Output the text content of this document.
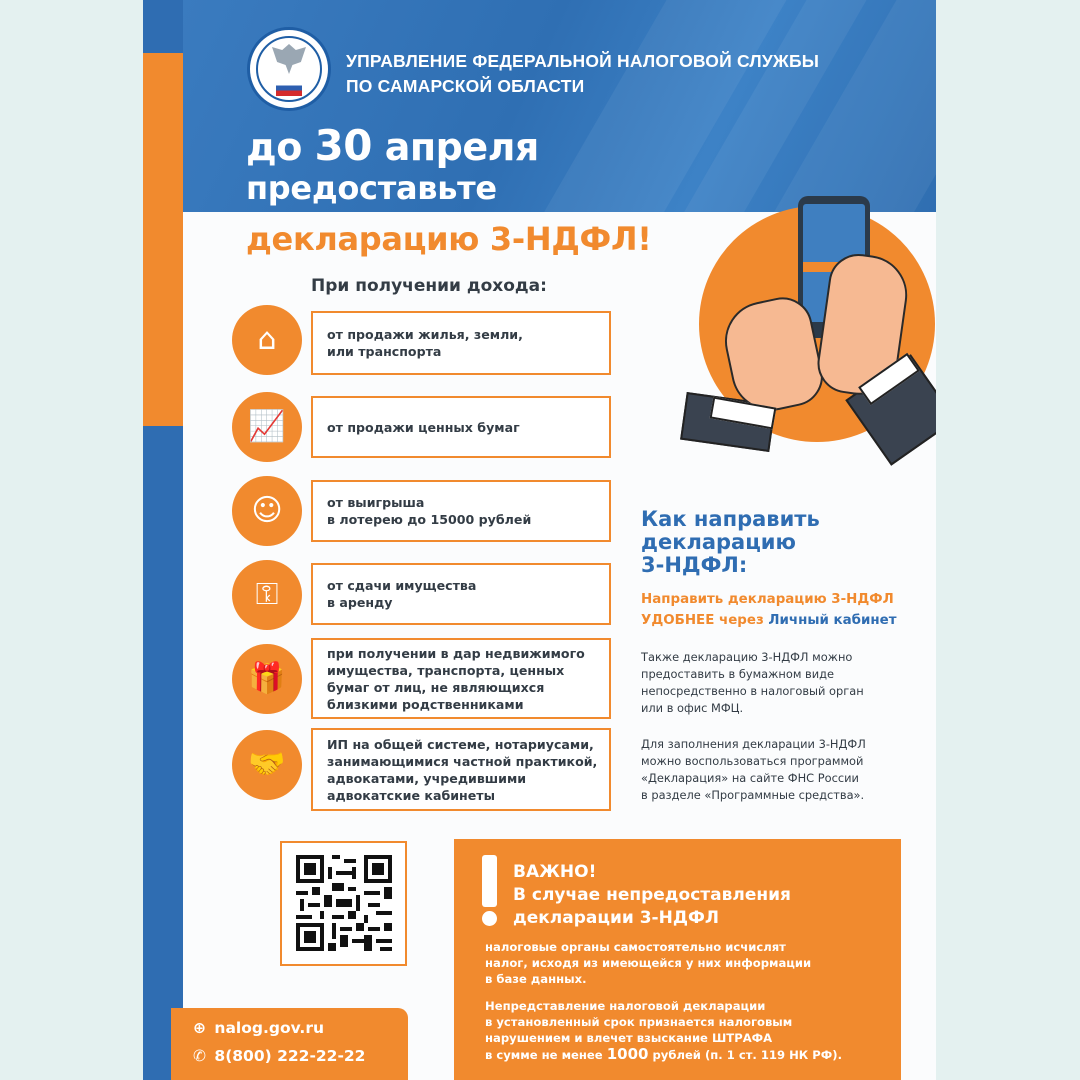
УПРАВЛЕНИЕ ФЕДЕРАЛЬНОЙ НАЛОГОВОЙ СЛУЖБЫ
ПО САМАРСКОЙ ОБЛАСТИ
до 30 апреля
предоставьте
декларацию 3-НДФЛ!
При получении дохода:
⌂	от продажи жилья, земли,
или транспорта
📈	от продажи ценных бумаг
☺	от выигрыша
в лотерею до 15000 рублей
⚿	от сдачи имущества
в аренду
🎁
при получении в дар недвижимого
имущества, транспорта, ценных
бумаг от лиц, не являющихся
близкими родственниками
🤝
ИП на общей системе, нотариусами,
занимающимися частной практикой,
адвокатами, учредившими
адвокатские кабинеты
Как направить
декларацию
3-НДФЛ:
Направить декларацию 3-НДФЛ
УДОБНЕЕ через Личный кабинет
Также декларацию 3-НДФЛ можно
предоставить в бумажном виде
непосредственно в налоговый орган
или в офис МФЦ.
Для заполнения декларации 3-НДФЛ
можно воспользоваться программой
«Декларация» на сайте ФНС России
в разделе «Программные средства».
⊕ nalog.gov.ru
✆ 8(800) 222-22-22
ВАЖНО!
В случае непредоставления
декларации 3-НДФЛ
налоговые органы самостоятельно исчислят
налог, исходя из имеющейся у них информации
в базе данных.
Непредставление налоговой декларации
в установленный срок признается налоговым
нарушением и влечет взыскание ШТРАФА
в сумме не менее 1000 рублей (п. 1 ст. 119 НК РФ).
